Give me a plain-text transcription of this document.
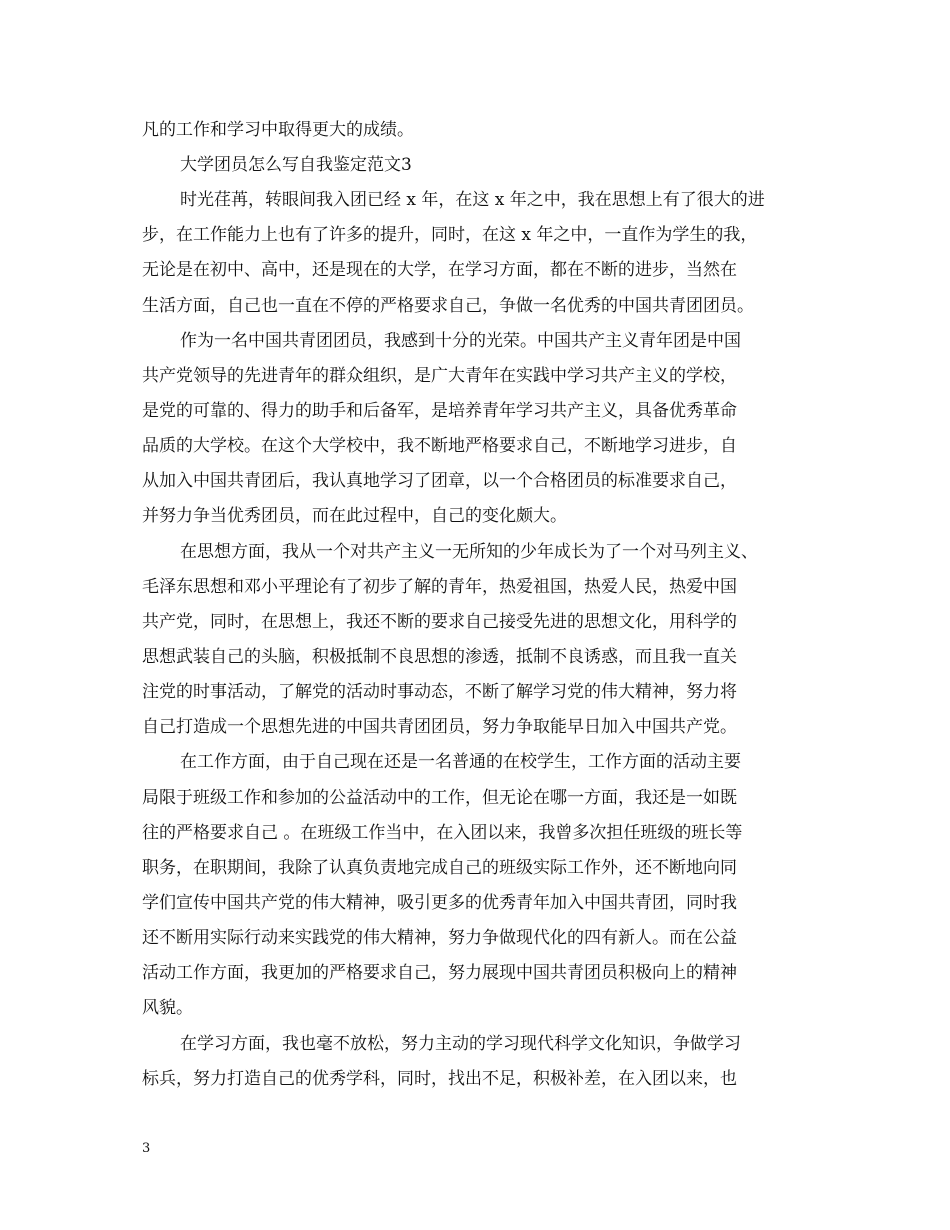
凡的工作和学习中取得更大的成绩。
大学团员怎么写自我鉴定范文3
时光荏苒，转眼间我入团已经 x 年，在这 x 年之中，我在思想上有了很大的进
步，在工作能力上也有了许多的提升，同时，在这 x 年之中，一直作为学生的我，
无论是在初中、高中，还是现在的大学，在学习方面，都在不断的进步，当然在
生活方面，自己也一直在不停的严格要求自己，争做一名优秀的中国共青团团员。
作为一名中国共青团团员，我感到十分的光荣。中国共产主义青年团是中国
共产党领导的先进青年的群众组织，是广大青年在实践中学习共产主义的学校，
是党的可靠的、得力的助手和后备军，是培养青年学习共产主义，具备优秀革命
品质的大学校。在这个大学校中，我不断地严格要求自己，不断地学习进步，自
从加入中国共青团后，我认真地学习了团章，以一个合格团员的标准要求自己，
并努力争当优秀团员，而在此过程中，自己的变化颇大。
在思想方面，我从一个对共产主义一无所知的少年成长为了一个对马列主义、
毛泽东思想和邓小平理论有了初步了解的青年，热爱祖国，热爱人民，热爱中国
共产党，同时，在思想上，我还不断的要求自己接受先进的思想文化，用科学的
思想武装自己的头脑，积极抵制不良思想的渗透，抵制不良诱惑，而且我一直关
注党的时事活动，了解党的活动时事动态，不断了解学习党的伟大精神，努力将
自己打造成一个思想先进的中国共青团团员，努力争取能早日加入中国共产党。
在工作方面，由于自己现在还是一名普通的在校学生，工作方面的活动主要
局限于班级工作和参加的公益活动中的工作，但无论在哪一方面，我还是一如既
往的严格要求自己 。在班级工作当中，在入团以来，我曾多次担任班级的班长等
职务，在职期间，我除了认真负责地完成自己的班级实际工作外，还不断地向同
学们宣传中国共产党的伟大精神，吸引更多的优秀青年加入中国共青团，同时我
还不断用实际行动来实践党的伟大精神，努力争做现代化的四有新人。而在公益
活动工作方面，我更加的严格要求自己，努力展现中国共青团员积极向上的精神
风貌。
在学习方面，我也毫不放松，努力主动的学习现代科学文化知识，争做学习
标兵，努力打造自己的优秀学科，同时，找出不足，积极补差，在入团以来，也
3
